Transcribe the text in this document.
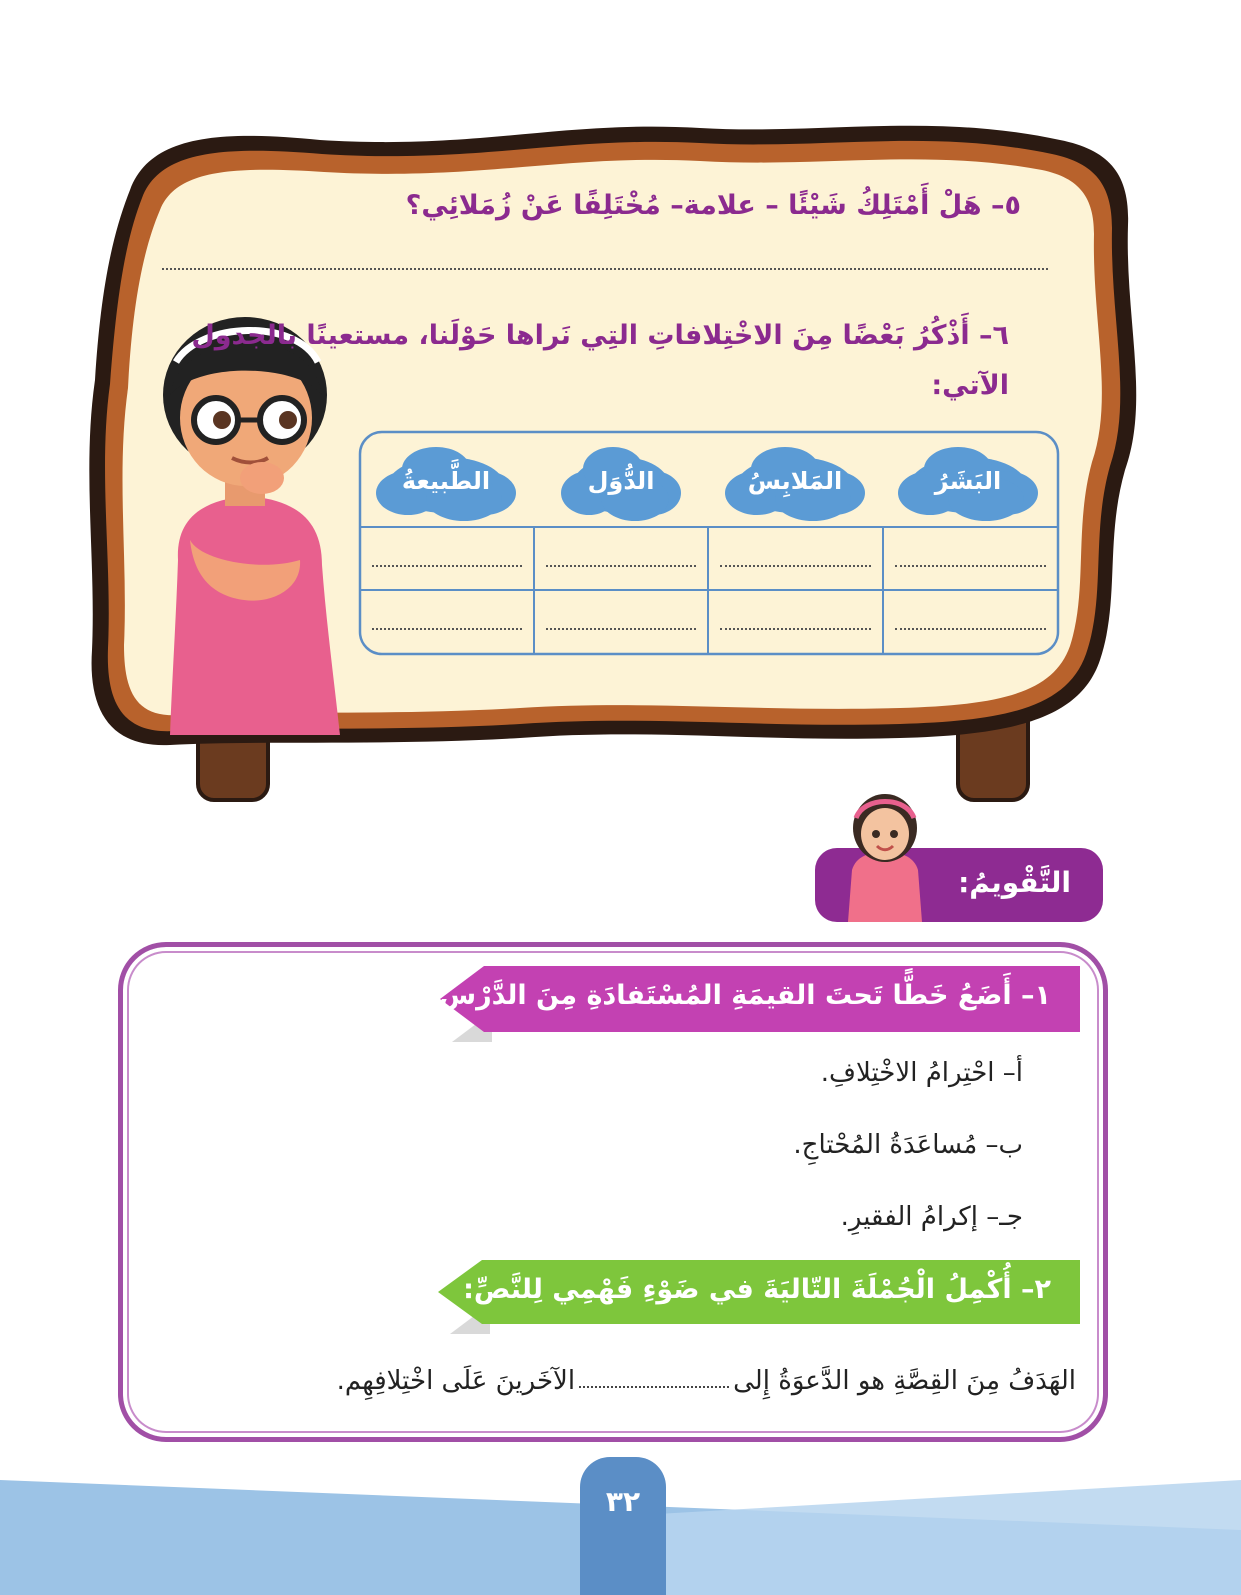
٥– هَلْ أَمْتَلِكُ شَيْئًا – علامة– مُخْتَلِفًا عَنْ زُمَلائِي؟
٦– أَذْكُرُ بَعْضًا مِنَ الاخْتِلافاتِ التِي نَراها حَوْلَنا، مستعينًا بالجدول
الآتي:
البَشَرُ
المَلابِسُ
الدُّوَل
الطَّبيعةُ
التَّقْويمُ:
١– أَضَعُ خَطًّا تَحتَ القيمَةِ المُسْتَفادَةِ مِنَ الدَّرْسِ:
أ– احْتِرامُ الاخْتِلافِ.
ب– مُساعَدَةُ المُحْتاجِ.
جـ– إكرامُ الفقيرِ.
٢– أُكْمِلُ الْجُمْلَةَ التّاليَةَ في ضَوْءِ فَهْمِي لِلنَّصِّ:
الهَدَفُ مِنَ القِصَّةِ هو الدَّعوَةُ إِلى
الآخَرينَ عَلَى اخْتِلافِهِم.
٣٢
